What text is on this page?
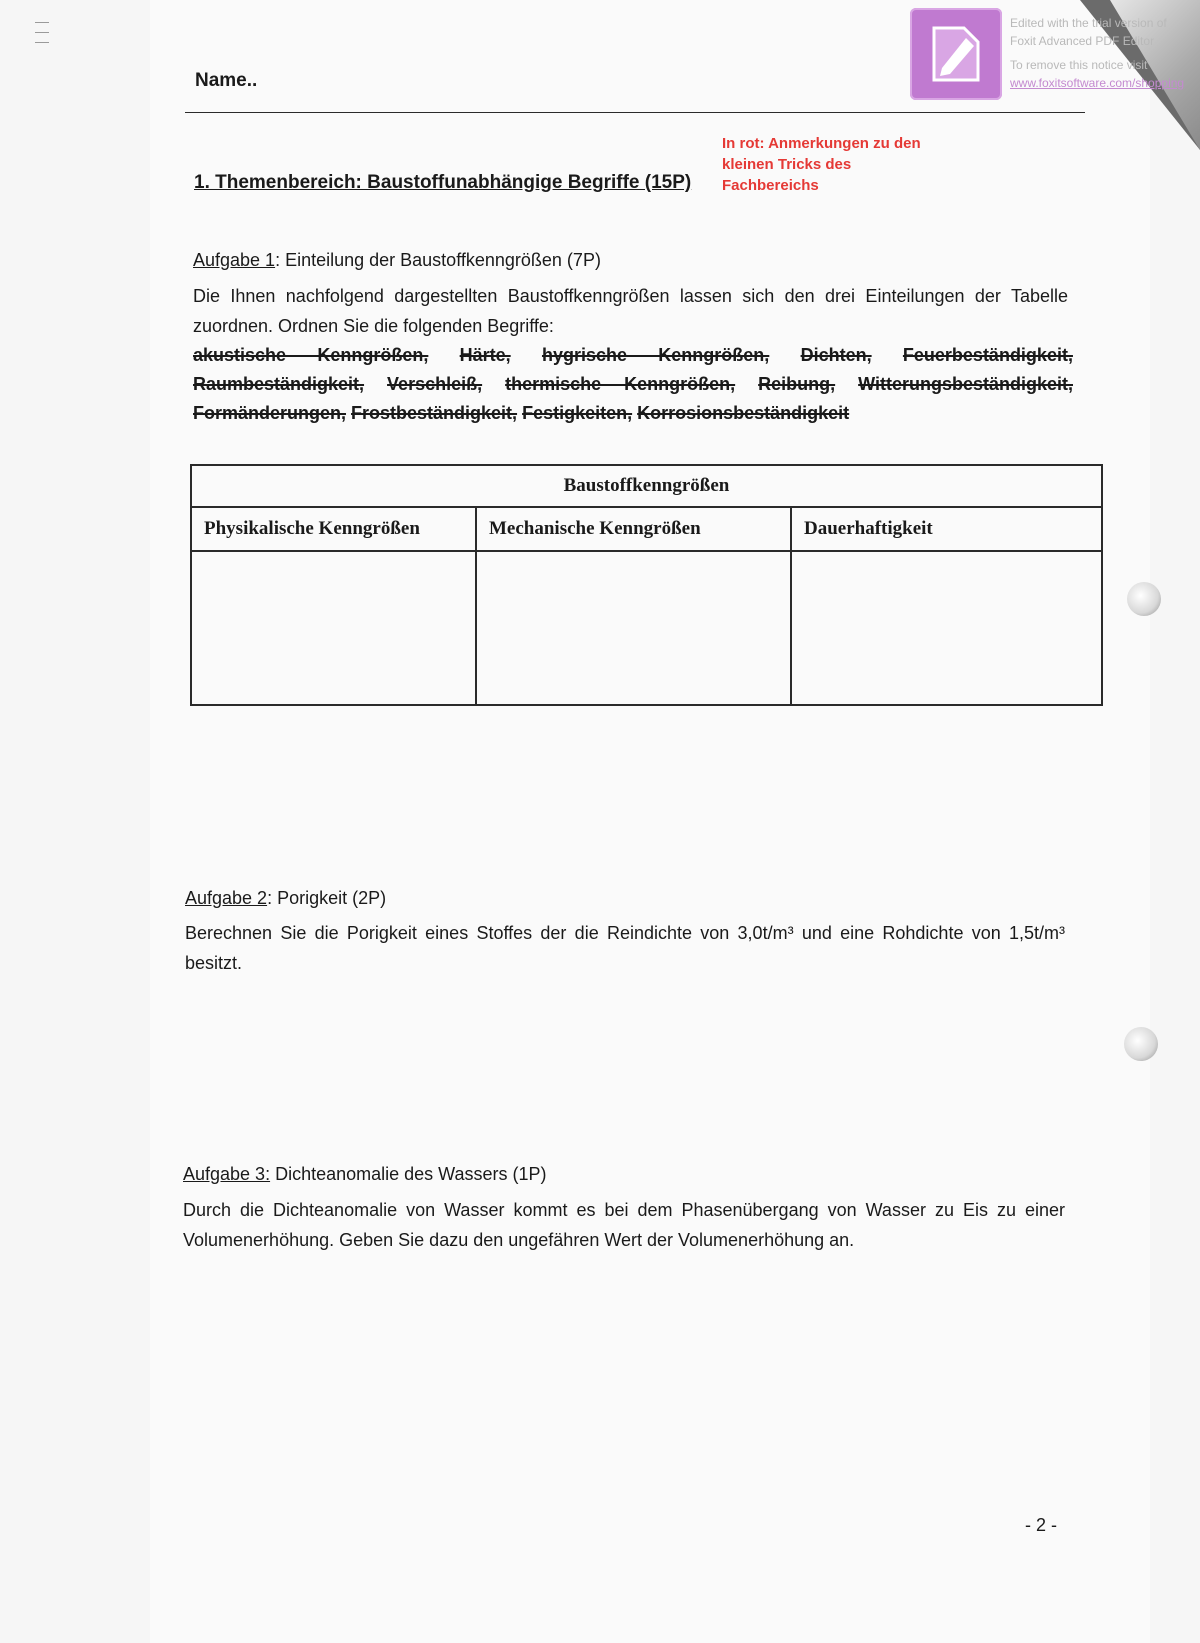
Edited with the trial version of
Foxit Advanced PDF Editor
To remove this notice visit
www.foxitsoftware.com/shopping
Name..
In rot: Anmerkungen zu den kleinen Tricks des Fachbereichs
1. Themenbereich: Baustoffunabhängige Begriffe (15P)
Aufgabe 1: Einteilung der Baustoffkenngrößen (7P)
Die Ihnen nachfolgend dargestellten Baustoffkenngrößen lassen sich den drei Einteilungen der Tabelle zuordnen. Ordnen Sie die folgenden Begriffe:
akustische Kenngrößen, Härte, hygrische Kenngrößen, Dichten, Feuerbeständigkeit, Raumbeständigkeit, Verschleiß, thermische Kenngrößen, Reibung, Witterungsbeständigkeit, Formänderungen, Frostbeständigkeit, Festigkeiten, Korrosionsbeständigkeit
Baustoffkenngrößen		
Physikalische Kenngrößen	Mechanische Kenngrößen	Dauerhaftigkeit

Aufgabe 2: Porigkeit (2P)
Berechnen Sie die Porigkeit eines Stoffes der die Reindichte von 3,0t/m³ und eine Rohdichte von 1,5t/m³ besitzt.
Aufgabe 3: Dichteanomalie des Wassers (1P)
Durch die Dichteanomalie von Wasser kommt es bei dem Phasenübergang von Wasser zu Eis zu einer Volumenerhöhung. Geben Sie dazu den ungefähren Wert der Volumenerhöhung an.
- 2 -
